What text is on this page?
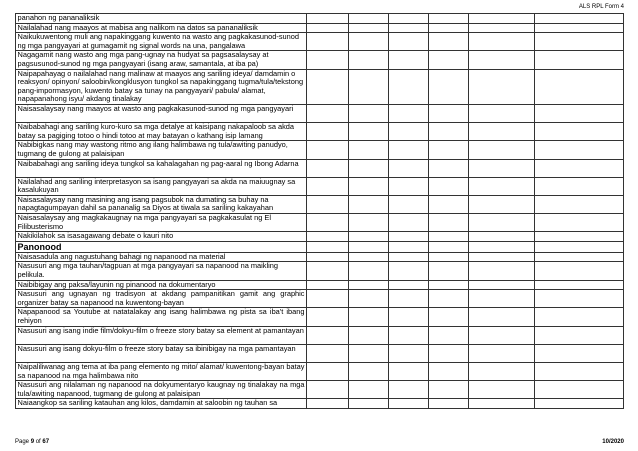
ALS RPL Form 4
panahon ng pananaliksik						
Nailalahad nang maayos at mabisa ang nalikom na datos sa pananaliksik						
Naikukuwentong muli ang napakinggang kuwento na wasto ang pagkakasunod-sunod ng mga pangyayari at gumagamit ng signal words na una, pangalawa						
Nagagamit nang wasto ang mga pang-ugnay na hudyat sa pagsasalaysay at pagsusunod-sunod ng mga pangyayari (isang araw, samantala, at iba pa)						
Naipapahayag o nailalahad nang malinaw at maayos ang sariling ideya/ damdamin o reaksyon/ opinyon/ saloobin/kongklusyon tungkol sa napakinggang tugma/tula/tekstong pang-impormasyon, kuwento batay sa tunay na pangyayari/ pabula/ alamat, napapanahong isyu/ akdang tinalakay						
Naisasalaysay nang maayos at wasto ang pagkakasunod-sunod ng mga pangyayari						
Naibabahagi ang sariling kuro-kuro sa mga detalye at kaisipang nakapaloob sa akda batay sa pagiging totoo o hindi totoo at may batayan o kathang isip lamang						
Nabibigkas nang may wastong ritmo ang ilang halimbawa ng tula/awiting panudyo, tugmang de gulong at palaisipan						
Naibabahagi ang sariling ideya tungkol sa kahalagahan ng pag-aaral ng Ibong Adarna						
Nailalahad ang sariling interpretasyon sa isang pangyayari sa akda na maiuugnay sa kasalukuyan						
Naisasalaysay nang masining ang isang pagsubok na dumating sa buhay na napagtagumpayan dahil sa pananalig sa Diyos at tiwala sa sariling kakayahan						
Naisasalaysay ang magkakaugnay na mga pangyayari sa pagkakasulat ng El Filibusterismo						
Nakikilahok sa isasagawang debate o kauri nito						
Panonood						
Naisasadula ang nagustuhang bahagi ng napanood na material						
Nasusuri ang mga tauhan/tagpuan at mga pangyayari sa napanood na maikling pelikula.						
Naibibigay ang paksa/layunin ng pinanood na dokumentaryo						
Nasusuri ang ugnayan ng tradisyon at akdang pampanitikan gamit ang graphic organizer batay sa napanood na kuwentong-bayan						
Napapanood sa Youtube at natatalakay ang isang halimbawa ng pista sa iba't ibang rehiyon						
Nasusuri ang isang indie film/dokyu-film o freeze story batay sa element at pamantayan						
Nasusuri ang isang dokyu-film o freeze story batay sa ibinibigay na mga pamantayan						
Naipaliliwanag ang tema at iba pang elemento ng mito/ alamat/ kuwentong-bayan batay sa napanood na mga halimbawa nito						
Nasusuri ang nilalaman ng napanood na dokyumentaryo kaugnay ng tinalakay na mga tula/awiting napanood, tugmang de gulong at palaisipan						
Naiaangkop sa sariling katauhan ang kilos, damdamin at saloobin ng tauhan sa						
Page 9 of 67	10/2020
